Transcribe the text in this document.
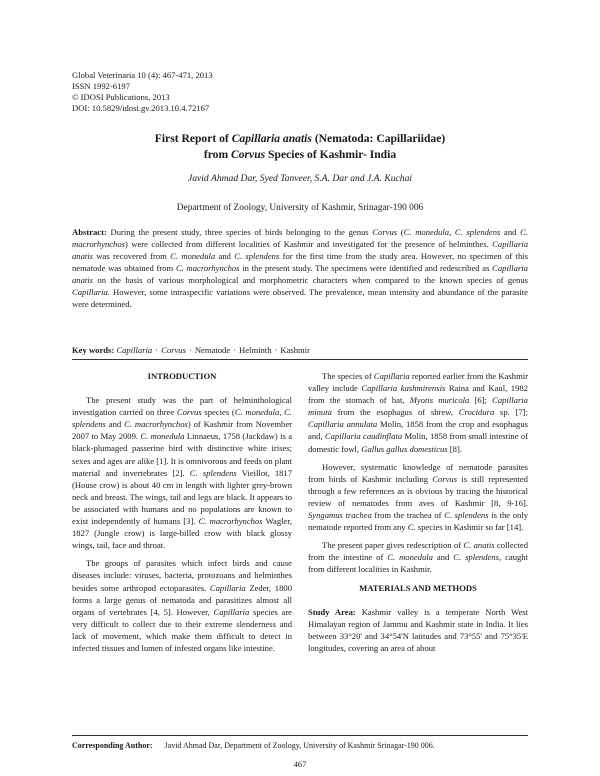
Global Veterinaria 10 (4): 467-471, 2013
ISSN 1992-6197
© IDOSI Publications, 2013
DOI: 10.5829/idosi.gv.2013.10.4.72167
First Report of Capillaria anatis (Nematoda: Capillariidae)
from Corvus Species of Kashmir- India
Javid Ahmad Dar, Syed Tanveer, S.A. Dar and J.A. Kuchai
Department of Zoology, University of Kashmir, Srinagar-190 006
Abstract: During the present study, three species of birds belonging to the genus Corvus (C. monedula, C. splendens and C. macrorhynchos) were collected from different localities of Kashmir and investigated for the presence of helminthes. Capillaria anatis was recovered from C. monedula and C. splendens for the first time from the study area. However, no specimen of this nematode was obtained from C. macrorhynchos in the present study. The specimens were identified and redescribed as Capillaria anatis on the basis of various morphological and morphometric characters when compared to the known species of genus Capillaria. However, some intraspecific variations were observed. The prevalence, mean intensity and abundance of the parasite were determined.
Key words: Capillaria · Corvus · Nematode · Helminth · Kashmir
INTRODUCTION

The present study was the part of helminthological investigation carried on three Corvus species (C. monedula, C. splendens and C. macrorhynchos) of Kashmir from November 2007 to May 2009. C. monedula Linnaeus, 1758 (Jackdaw) is a black-plumaged passerine bird with distinctive white irises; sexes and ages are alike [1]. It is omnivorous and feeds on plant material and invertebrates [2]. C. splendens Vieillot, 1817 (House crow) is about 40 cm in length with lighter grey-brown neck and breast. The wings, tail and legs are black. It appears to be associated with humans and no populations are known to exist independently of humans [3]. C. macrorhynchos Wagler, 1827 (Jungle crow) is large-billed crow with black glossy wings, tail, face and throat.

The groups of parasites which infect birds and cause diseases include: viruses, bacteria, protozoans and helminthes besides some arthropod ectoparasites. Capillaria Zeder, 1800 forms a large genus of nematoda and parasitizes almost all organs of vertebrates [4, 5]. However, Capillaria species are very difficult to collect due to their extreme slenderness and lack of movement, which make them difficult to detect in infected tissues and lumen of infested organs like intestine.

The species of Capillaria reported earlier from the Kashmir valley include Capillaria kashmirensis Raina and Kaul, 1982 from the stomach of bat, Myotis muricola [6]; Capillaria minuta from the esophagus of shrew, Crocidura sp. [7]; Capillaria annulata Molin, 1858 from the crop and esophagus and, Capillaria caudinflata Molin, 1858 from small intestine of domestic fowl, Gallus gallus domesticus [8].

However, systematic knowledge of nematode parasites from birds of Kashmir including Corvus is still represented through a few references as is obvious by tracing the historical review of nematodes from aves of Kashmir [8, 9-16]. Syngamus trachea from the trachea of C. splendens is the only nematode reported from any C. species in Kashmir so far [14].

The present paper gives redescription of C. anatis collected from the intestine of C. monedula and C. splendens, caught from different localities in Kashmir.

MATERIALS AND METHODS

Study Area: Kashmir valley is a temperate North West Himalayan region of Jammu and Kashmir state in India. It lies between 33°20' and 34°54'N latitudes and 73°55' and 75°35'E longitudes, covering an area of about

Corresponding Author: Javid Ahmad Dar, Department of Zoology, University of Kashmir Srinagar-190 006.
467
